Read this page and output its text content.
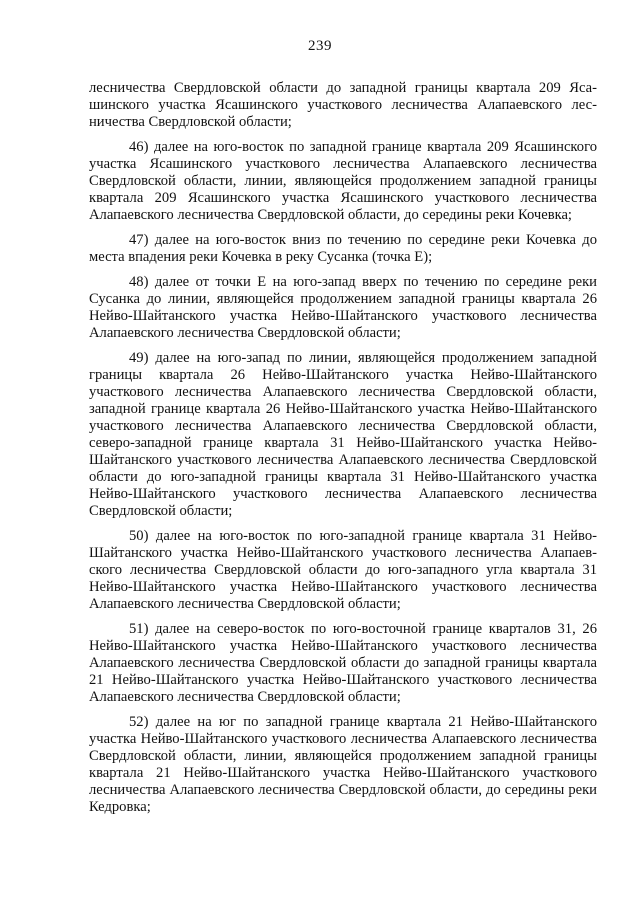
239

лесничества Свердловской области до западной границы квартала 209 Ясашинского участка Ясашинского участкового лесничества Алапаевского лесничества Свердловской области;

46) далее на юго-восток по западной границе квартала 209 Ясашинского участка Ясашинского участкового лесничества Алапаевского лесничества Свердловской области, линии, являющейся продолжением западной границы квартала 209 Ясашинского участка Ясашинского участкового лесничества Алапаевского лесничества Свердловской области, до середины реки Кочевка;

47) далее на юго-восток вниз по течению по середине реки Кочевка до места впадения реки Кочевка в реку Сусанка (точка Е);

48) далее от точки Е на юго-запад вверх по течению по середине реки Сусанка до линии, являющейся продолжением западной границы квартала 26 Нейво-Шайтанского участка Нейво-Шайтанского участкового лесничества Алапаевского лесничества Свердловской области;

49) далее на юго-запад по линии, являющейся продолжением западной границы квартала 26 Нейво-Шайтанского участка Нейво-Шайтанского участкового лесничества Алапаевского лесничества Свердловской области, западной границе квартала 26 Нейво-Шайтанского участка Нейво-Шайтанского участкового лесничества Алапаевского лесничества Свердловской области, северо-западной границе квартала 31 Нейво-Шайтанского участка Нейво-Шайтанского участкового лесничества Алапаевского лесничества Свердловской области до юго-западной границы квартала 31 Нейво-Шайтанского участка Нейво-Шайтанского участкового лесничества Алапаевского лесничества Свердловской области;

50) далее на юго-восток по юго-западной границе квартала 31 Нейво-Шайтанского участка Нейво-Шайтанского участкового лесничества Алапаевского лесничества Свердловской области до юго-западного угла квартала 31 Нейво-Шайтанского участка Нейво-Шайтанского участкового лесничества Алапаевского лесничества Свердловской области;

51) далее на северо-восток по юго-восточной границе кварталов 31, 26 Нейво-Шайтанского участка Нейво-Шайтанского участкового лесничества Алапаевского лесничества Свердловской области до западной границы квартала 21 Нейво-Шайтанского участка Нейво-Шайтанского участкового лесничества Алапаевского лесничества Свердловской области;

52) далее на юг по западной границе квартала 21 Нейво-Шайтанского участка Нейво-Шайтанского участкового лесничества Алапаевского лесничества Свердловской области, линии, являющейся продолжением западной границы квартала 21 Нейво-Шайтанского участка Нейво-Шайтанского участкового лесничества Алапаевского лесничества Свердловской области, до середины реки Кедровка;
